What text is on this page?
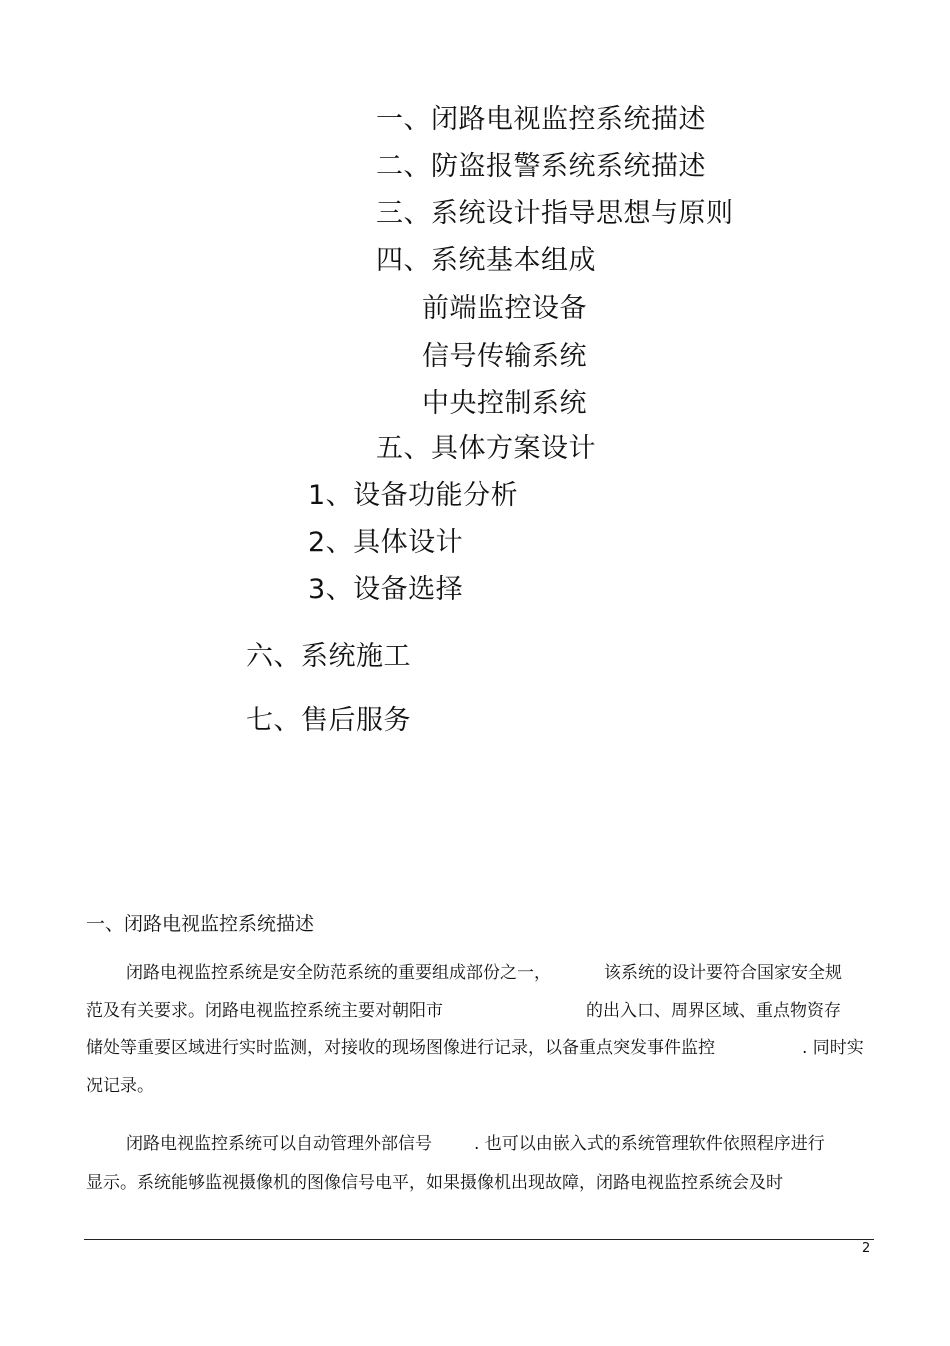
一、闭路电视监控系统描述
二、防盗报警系统系统描述
三、系统设计指导思想与原则
四、系统基本组成
前端监控设备
信号传输系统
中央控制系统
五、具体方案设计
1、设备功能分析
2、具体设计
3、设备选择
六、系统施工
七、售后服务
一、闭路电视监控系统描述
闭路电视监控系统是安全防范系统的重要组成部份之一，	该系统的设计要符合国家安全规
范及有关要求。闭路电视监控系统主要对朝阳市	的出入口、周界区域、重点物资存
储处等重要区域进行实时监测，对接收的现场图像进行记录，以备重点突发事件监控	. 同时实
况记录。
闭路电视监控系统可以自动管理外部信号 . 也可以由嵌入式的系统管理软件依照程序进行
显示。系统能够监视摄像机的图像信号电平，如果摄像机出现故障，闭路电视监控系统会及时
2
